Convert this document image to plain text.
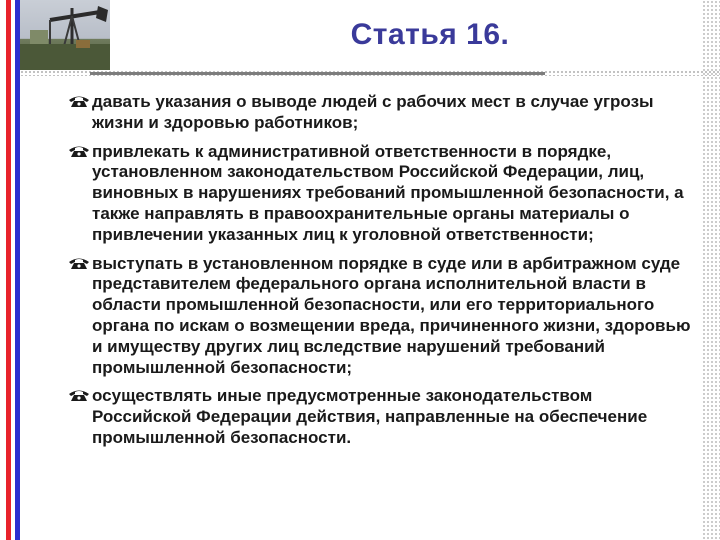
Статья 16.
давать указания о выводе людей с рабочих мест в случае угрозы жизни и здоровью работников;
привлекать к административной ответственности в порядке, установленном законодательством Российской Федерации, лиц, виновных в нарушениях требований промышленной безопасности, а также направлять в правоохранительные органы материалы о привлечении указанных лиц к уголовной ответственности;
выступать в установленном порядке в суде или в арбитражном суде представителем федерального органа исполнительной власти в области промышленной безопасности, или его территориального органа по искам о возмещении вреда, причиненного жизни, здоровью и имуществу других лиц вследствие нарушений требований промышленной безопасности;
осуществлять иные предусмотренные законодательством Российской Федерации действия, направленные на обеспечение промышленной безопасности.
